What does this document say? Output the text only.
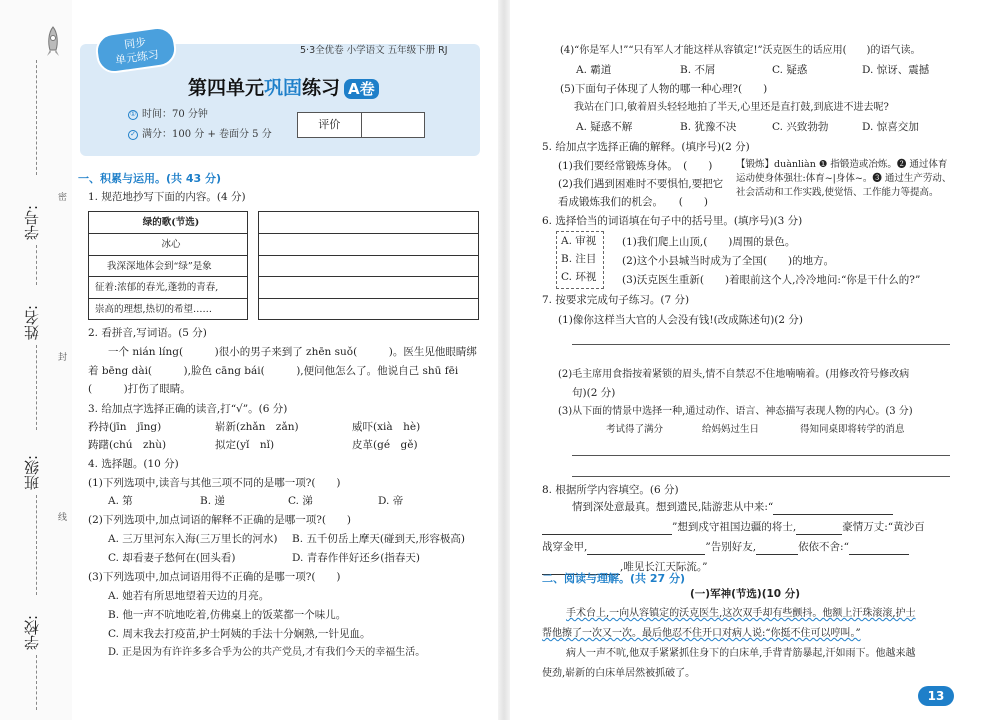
学号:
姓名:
班级:
学校:
密
封
线
同步
单元练习	5·3全优卷 小学语文 五年级下册 RJ
第四单元巩固练习 A卷
① 时间：70 分钟
✓ 满分：100 分 + 卷面分 5 分
评价
一、积累与运用。(共 43 分)
1. 规范地抄写下面的内容。(4 分)
绿的歌(节选)
冰心
我深深地体会到“绿”是象
征着:浓郁的春光,蓬勃的青春,
崇高的理想,热切的希望……
2. 看拼音,写词语。(5 分)
一个 nián líng(　　　)很小的男子来到了 zhēn suǒ(　　　)。医生见他眼睛绑
着 bēng dài(　　　),脸色 cāng bái(　　　),便问他怎么了。他说自己 shū fēi
(　　　)打伤了眼睛。
3. 给加点字选择正确的读音,打“√”。(6 分)
矜持(jīn　jīng)	崭新(zhǎn　zǎn)	威吓(xià　hè)
踌躇(chú　zhù)	拟定(yǐ　nǐ)	皮革(gé　gě)
4. 选择题。(10 分)
(1)下列选项中,读音与其他三项不同的是哪一项?(　　)
A. 第	B. 递	C. 涕	D. 帝
(2)下列选项中,加点词语的解释不正确的是哪一项?(　　)
A. 三万里河东入海(三万里长的河水) B. 五千仞岳上摩天(碰到天,形容极高)
C. 却看妻子愁何在(回头看)	D. 青春作伴好还乡(指春天)
(3)下列选项中,加点词语用得不正确的是哪一项?(　　)
A. 她若有所思地望着天边的月亮。
B. 他一声不吭地吃着,仿佛桌上的饭菜都一个味儿。
C. 周末我去打疫苗,护士阿姨的手法十分娴熟,一针见血。
D. 正是因为有许许多多合乎为公的共产党员,才有我们今天的幸福生活。
(4)“你是军人!”“只有军人才能这样从容镇定!”沃克医生的话应用(　　)的语气读。
A. 霸道	B. 不屑	C. 疑惑	D. 惊讶、震撼
(5)下面句子体现了人物的哪一种心理?(　　)
我站在门口,敏着眉头轻轻地拍了半天,心里还是直打鼓,到底进不进去呢?
A. 疑惑不解	B. 犹豫不决	C. 兴致勃勃	D. 惊喜交加
5. 给加点字选择正确的解释。(填序号)(2 分)
(1)我们要经常锻炼身体。　(　　)
(2)我们遇到困难时不要惧怕,要把它
看成锻炼我们的机会。　　(　　)
【锻炼】duànliàn ❶ 指锻造或冶炼。❷ 通过体育运动使身体强壮:体育~|身体~。❸ 通过生产劳动、社会活动和工作实践,使觉悟、工作能力等提高。
6. 选择恰当的词语填在句子中的括号里。(填序号)(3 分)
A. 审视
B. 注目
C. 环视
(1)我们爬上山顶,(　　)周围的景色。
(2)这个小县城当时成为了全国(　　)的地方。
(3)沃克医生重新(　　)着眼前这个人,冷冷地问:“你是干什么的?”
7. 按要求完成句子练习。(7 分)
(1)像你这样当大官的人会没有钱!(改成陈述句)(2 分)
(2)毛主席用食指按着紧锁的眉头,情不自禁忍不住地喃喃着。(用修改符号修改病
句)(2 分)
(3)从下面的情景中选择一种,通过动作、语言、神态描写表现人物的内心。(3 分)
考试得了满分	给妈妈过生日	得知同桌即将转学的消息
8. 根据所学内容填空。(6 分)
情到深处意最真。想到遗民,陆游悲从中来:“
”想到戍守祖国边疆的将士,	豪情万丈:“黄沙百
战穿金甲,	”告别好友,	依依不舍:“
,唯见长江天际流。”
二、阅读与理解。(共 27 分)
(一)军神(节选)(10 分)
手术台上,一向从容镇定的沃克医生,这次双手却有些颤抖。他额上汗珠滚滚,护士
帮他擦了一次又一次。最后他忍不住开口对病人说:“你挺不住可以哼叫。”
病人一声不吭,他双手紧紧抓住身下的白床单,手背青筋暴起,汗如雨下。他越来越
使劲,崭新的白床单居然被抓破了。
13
